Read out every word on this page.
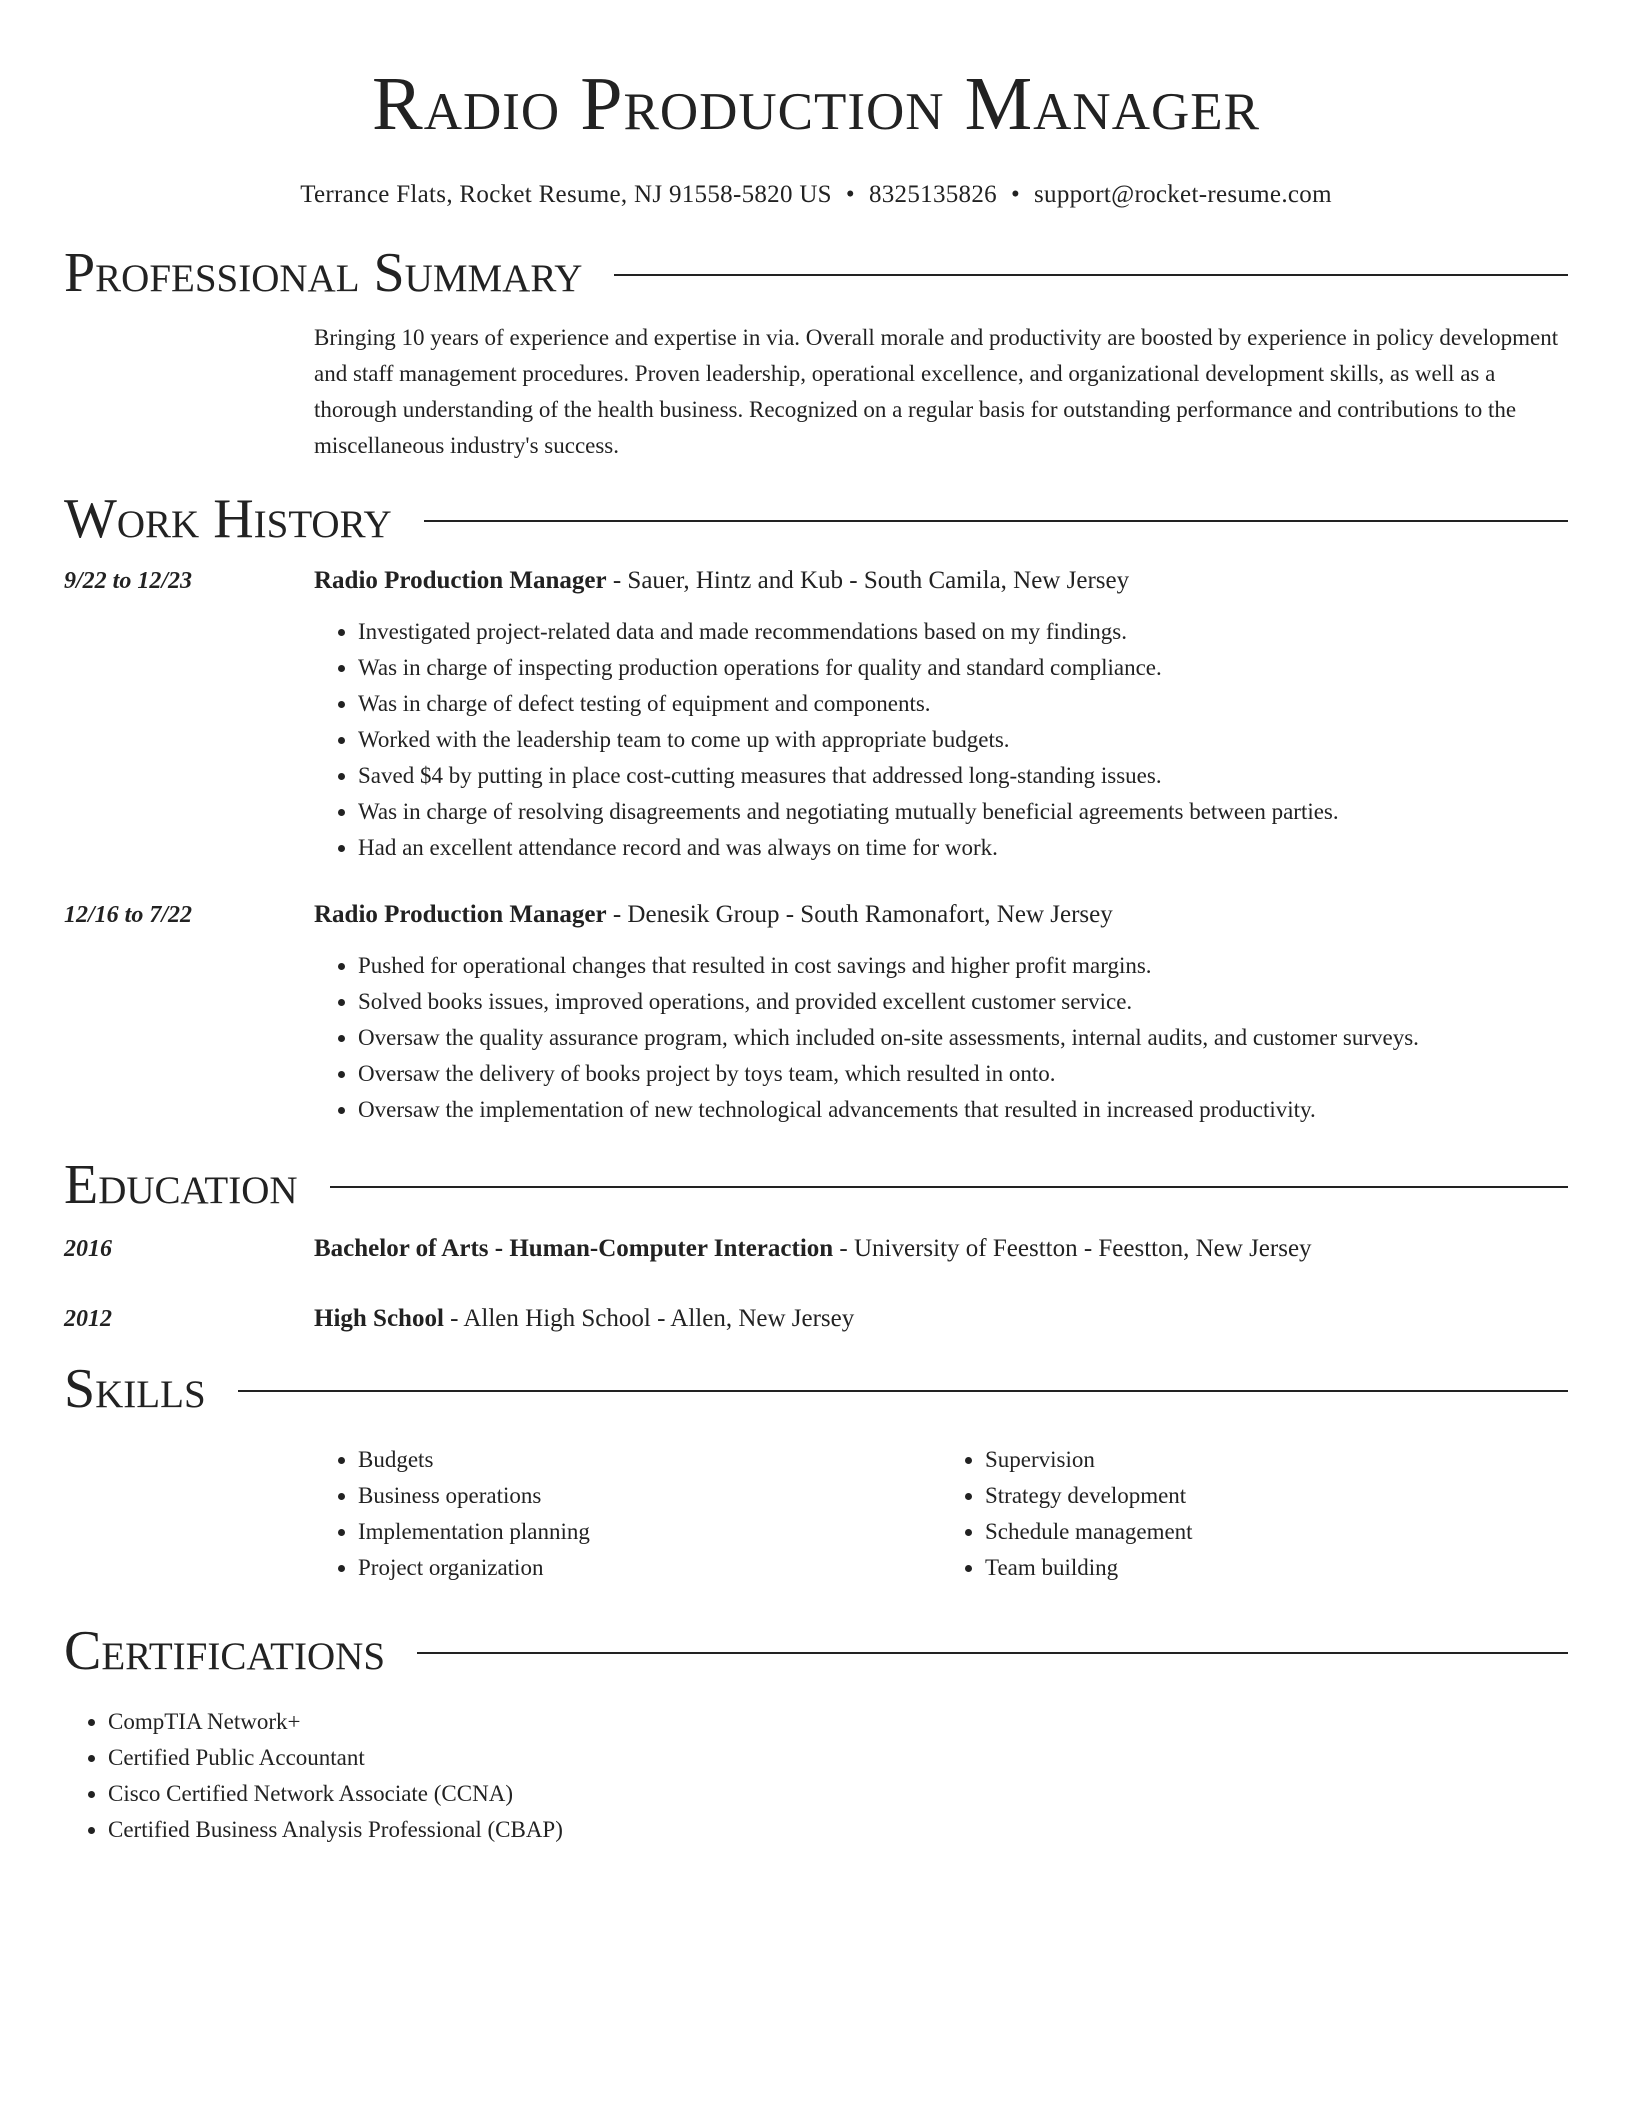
Radio Production Manager
Terrance Flats, Rocket Resume, NJ 91558-5820 US • 8325135826 • support@rocket-resume.com
Professional Summary

Bringing 10 years of experience and expertise in via. Overall morale and productivity are boosted by experience in policy development and staff management procedures. Proven leadership, operational excellence, and organizational development skills, as well as a thorough understanding of the health business. Recognized on a regular basis for outstanding performance and contributions to the miscellaneous industry's success.

Work History
9/22 to 12/23	Radio Production Manager - Sauer, Hintz and Kub - South Camila, New Jersey
• Investigated project-related data and made recommendations based on my findings.
• Was in charge of inspecting production operations for quality and standard compliance.
• Was in charge of defect testing of equipment and components.
• Worked with the leadership team to come up with appropriate budgets.
• Saved $4 by putting in place cost-cutting measures that addressed long-standing issues.
• Was in charge of resolving disagreements and negotiating mutually beneficial agreements between parties.
• Had an excellent attendance record and was always on time for work.
12/16 to 7/22	Radio Production Manager - Denesik Group - South Ramonafort, New Jersey
• Pushed for operational changes that resulted in cost savings and higher profit margins.
• Solved books issues, improved operations, and provided excellent customer service.
• Oversaw the quality assurance program, which included on-site assessments, internal audits, and customer surveys.
• Oversaw the delivery of books project by toys team, which resulted in onto.
• Oversaw the implementation of new technological advancements that resulted in increased productivity.
Education
2016	Bachelor of Arts - Human-Computer Interaction - University of Feestton - Feestton, New Jersey
2012	High School - Allen High School - Allen, New Jersey
Skills
• Budgets
• Business operations
• Implementation planning
• Project organization
• Supervision
• Strategy development
• Schedule management
• Team building
Certifications
• CompTIA Network+
• Certified Public Accountant
• Cisco Certified Network Associate (CCNA)
• Certified Business Analysis Professional (CBAP)
